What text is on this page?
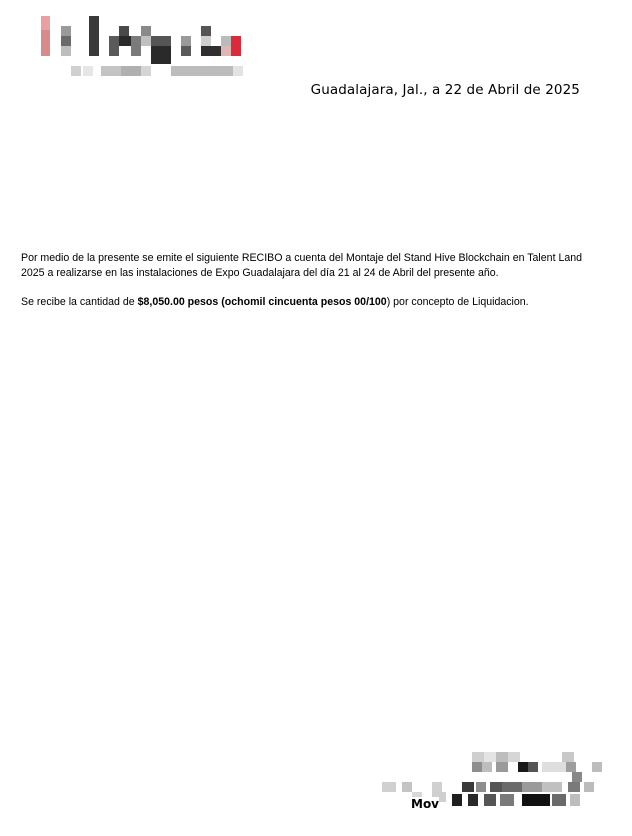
Guadalajara, Jal., a 22 de Abril de 2025

Por medio de la presente se emite el siguiente RECIBO a cuenta del Montaje del Stand Hive Blockchain en Talent Land 2025 a realizarse en las instalaciones de Expo Guadalajara del día 21 al 24 de Abril del presente año.

Se recibe la cantidad de $8,050.00 pesos (ochomil cincuenta pesos 00/100) por concepto de Liquidacion.

Mov
